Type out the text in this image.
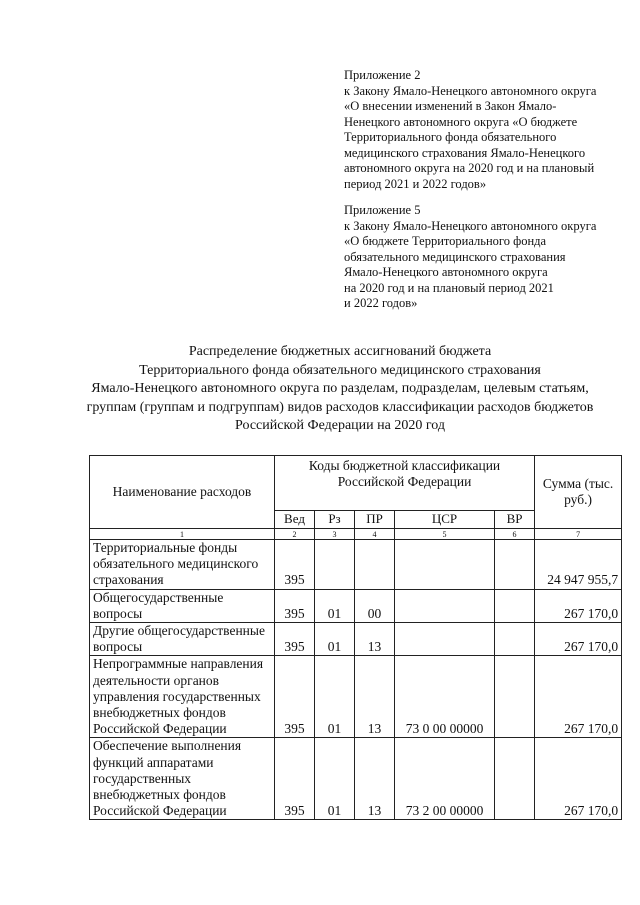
Приложение 2
к Закону Ямало-Ненецкого автономного округа
«О внесении изменений в Закон Ямало-
Ненецкого автономного округа «О бюджете
Территориального фонда обязательного
медицинского страхования Ямало-Ненецкого
автономного округа на 2020 год и на плановый
период 2021 и 2022 годов»
Приложение 5
к Закону Ямало-Ненецкого автономного округа
«О бюджете Территориального фонда
обязательного медицинского страхования
Ямало-Ненецкого автономного округа
на 2020 год и на плановый период 2021
и 2022 годов»
Распределение бюджетных ассигнований бюджета
Территориального фонда обязательного медицинского страхования
Ямало-Ненецкого автономного округа по разделам, подразделам, целевым статьям,
группам (группам и подгруппам) видов расходов классификации расходов бюджетов
Российской Федерации на 2020 год
Наименование расходов	Коды бюджетной классификации Российской Федерации					Сумма (тыс. руб.)
	Вед	Рз	ПР	ЦСР	ВР	
1	2	3	4	5	6	7
Территориальные фонды обязательного медицинского страхования	395					24 947 955,7
Общегосударственные вопросы	395	01	00			267 170,0
Другие общегосударственные вопросы	395	01	13			267 170,0
Непрограммные направления деятельности органов управления государственных внебюджетных фондов Российской Федерации	395	01	13	73 0 00 00000		267 170,0
Обеспечение выполнения функций аппаратами государственных внебюджетных фондов Российской Федерации	395	01	13	73 2 00 00000		267 170,0
